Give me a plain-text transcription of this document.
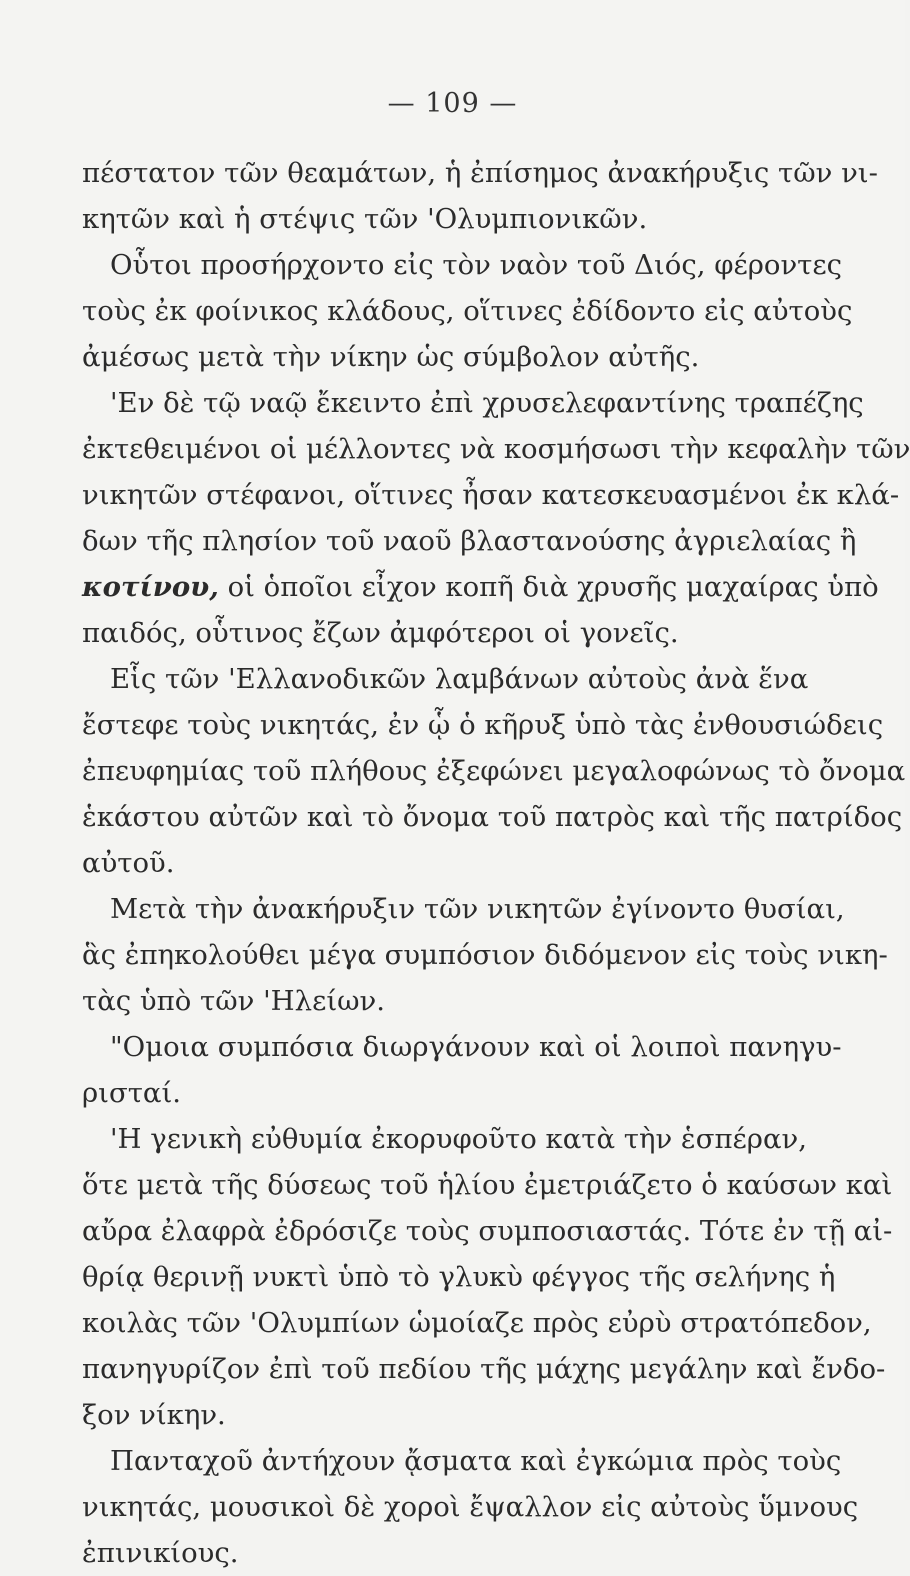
— 109 —
πέστατον τῶν θεαμάτων, ἡ ἐπίσημος ἀνακήρυξις τῶν νι-
κητῶν καὶ ἡ στέψις τῶν 'Ολυμπιονικῶν.
Οὗτοι προσήρχοντο εἰς τὸν ναὸν τοῦ Διός, φέροντες
τοὺς ἐκ φοίνικος κλάδους, οἵτινες ἐδίδοντο εἰς αὐτοὺς
ἀμέσως μετὰ τὴν νίκην ὡς σύμβολον αὐτῆς.
'Εν δὲ τῷ ναῷ ἔκειντο ἐπὶ χρυσελεφαντίνης τραπέζης
ἐκτεθειμένοι οἱ μέλλοντες νὰ κοσμήσωσι τὴν κεφαλὴν τῶν
νικητῶν στέφανοι, οἵτινες ἦσαν κατεσκευασμένοι ἐκ κλά-
δων τῆς πλησίον τοῦ ναοῦ βλαστανούσης ἀγριελαίας ἢ
κοτίνου, οἱ ὁποῖοι εἶχον κοπῆ διὰ χρυσῆς μαχαίρας ὑπὸ
παιδός, οὗτινος ἔζων ἀμφότεροι οἱ γονεῖς.
Εἷς τῶν 'Ελλανοδικῶν λαμβάνων αὐτοὺς ἀνὰ ἕνα
ἔστεφε τοὺς νικητάς, ἐν ᾧ ὁ κῆρυξ ὑπὸ τὰς ἐνθουσιώδεις
ἐπευφημίας τοῦ πλήθους ἐξεφώνει μεγαλοφώνως τὸ ὄνομα
ἑκάστου αὐτῶν καὶ τὸ ὄνομα τοῦ πατρὸς καὶ τῆς πατρίδος
αὐτοῦ.
Μετὰ τὴν ἀνακήρυξιν τῶν νικητῶν ἐγίνοντο θυσίαι,
ἃς ἐπηκολούθει μέγα συμπόσιον διδόμενον εἰς τοὺς νικη-
τὰς ὑπὸ τῶν 'Ηλείων.
"Ομοια συμπόσια διωργάνουν καὶ οἱ λοιποὶ πανηγυ-
ρισταί.
'Η γενικὴ εὐθυμία ἐκορυφοῦτο κατὰ τὴν ἑσπέραν,
ὅτε μετὰ τῆς δύσεως τοῦ ἡλίου ἐμετριάζετο ὁ καύσων καὶ
αὔρα ἐλαφρὰ ἐδρόσιζε τοὺς συμποσιαστάς. Τότε ἐν τῇ αἰ-
θρίᾳ θερινῇ νυκτὶ ὑπὸ τὸ γλυκὺ φέγγος τῆς σελήνης ἡ
κοιλὰς τῶν 'Ολυμπίων ὡμοίαζε πρὸς εὐρὺ στρατόπεδον,
πανηγυρίζον ἐπὶ τοῦ πεδίου τῆς μάχης μεγάλην καὶ ἔνδο-
ξον νίκην.
Πανταχοῦ ἀντήχουν ᾄσματα καὶ ἐγκώμια πρὸς τοὺς
νικητάς, μουσικοὶ δὲ χοροὶ ἔψαλλον εἰς αὐτοὺς ὕμνους
ἐπινικίους.
